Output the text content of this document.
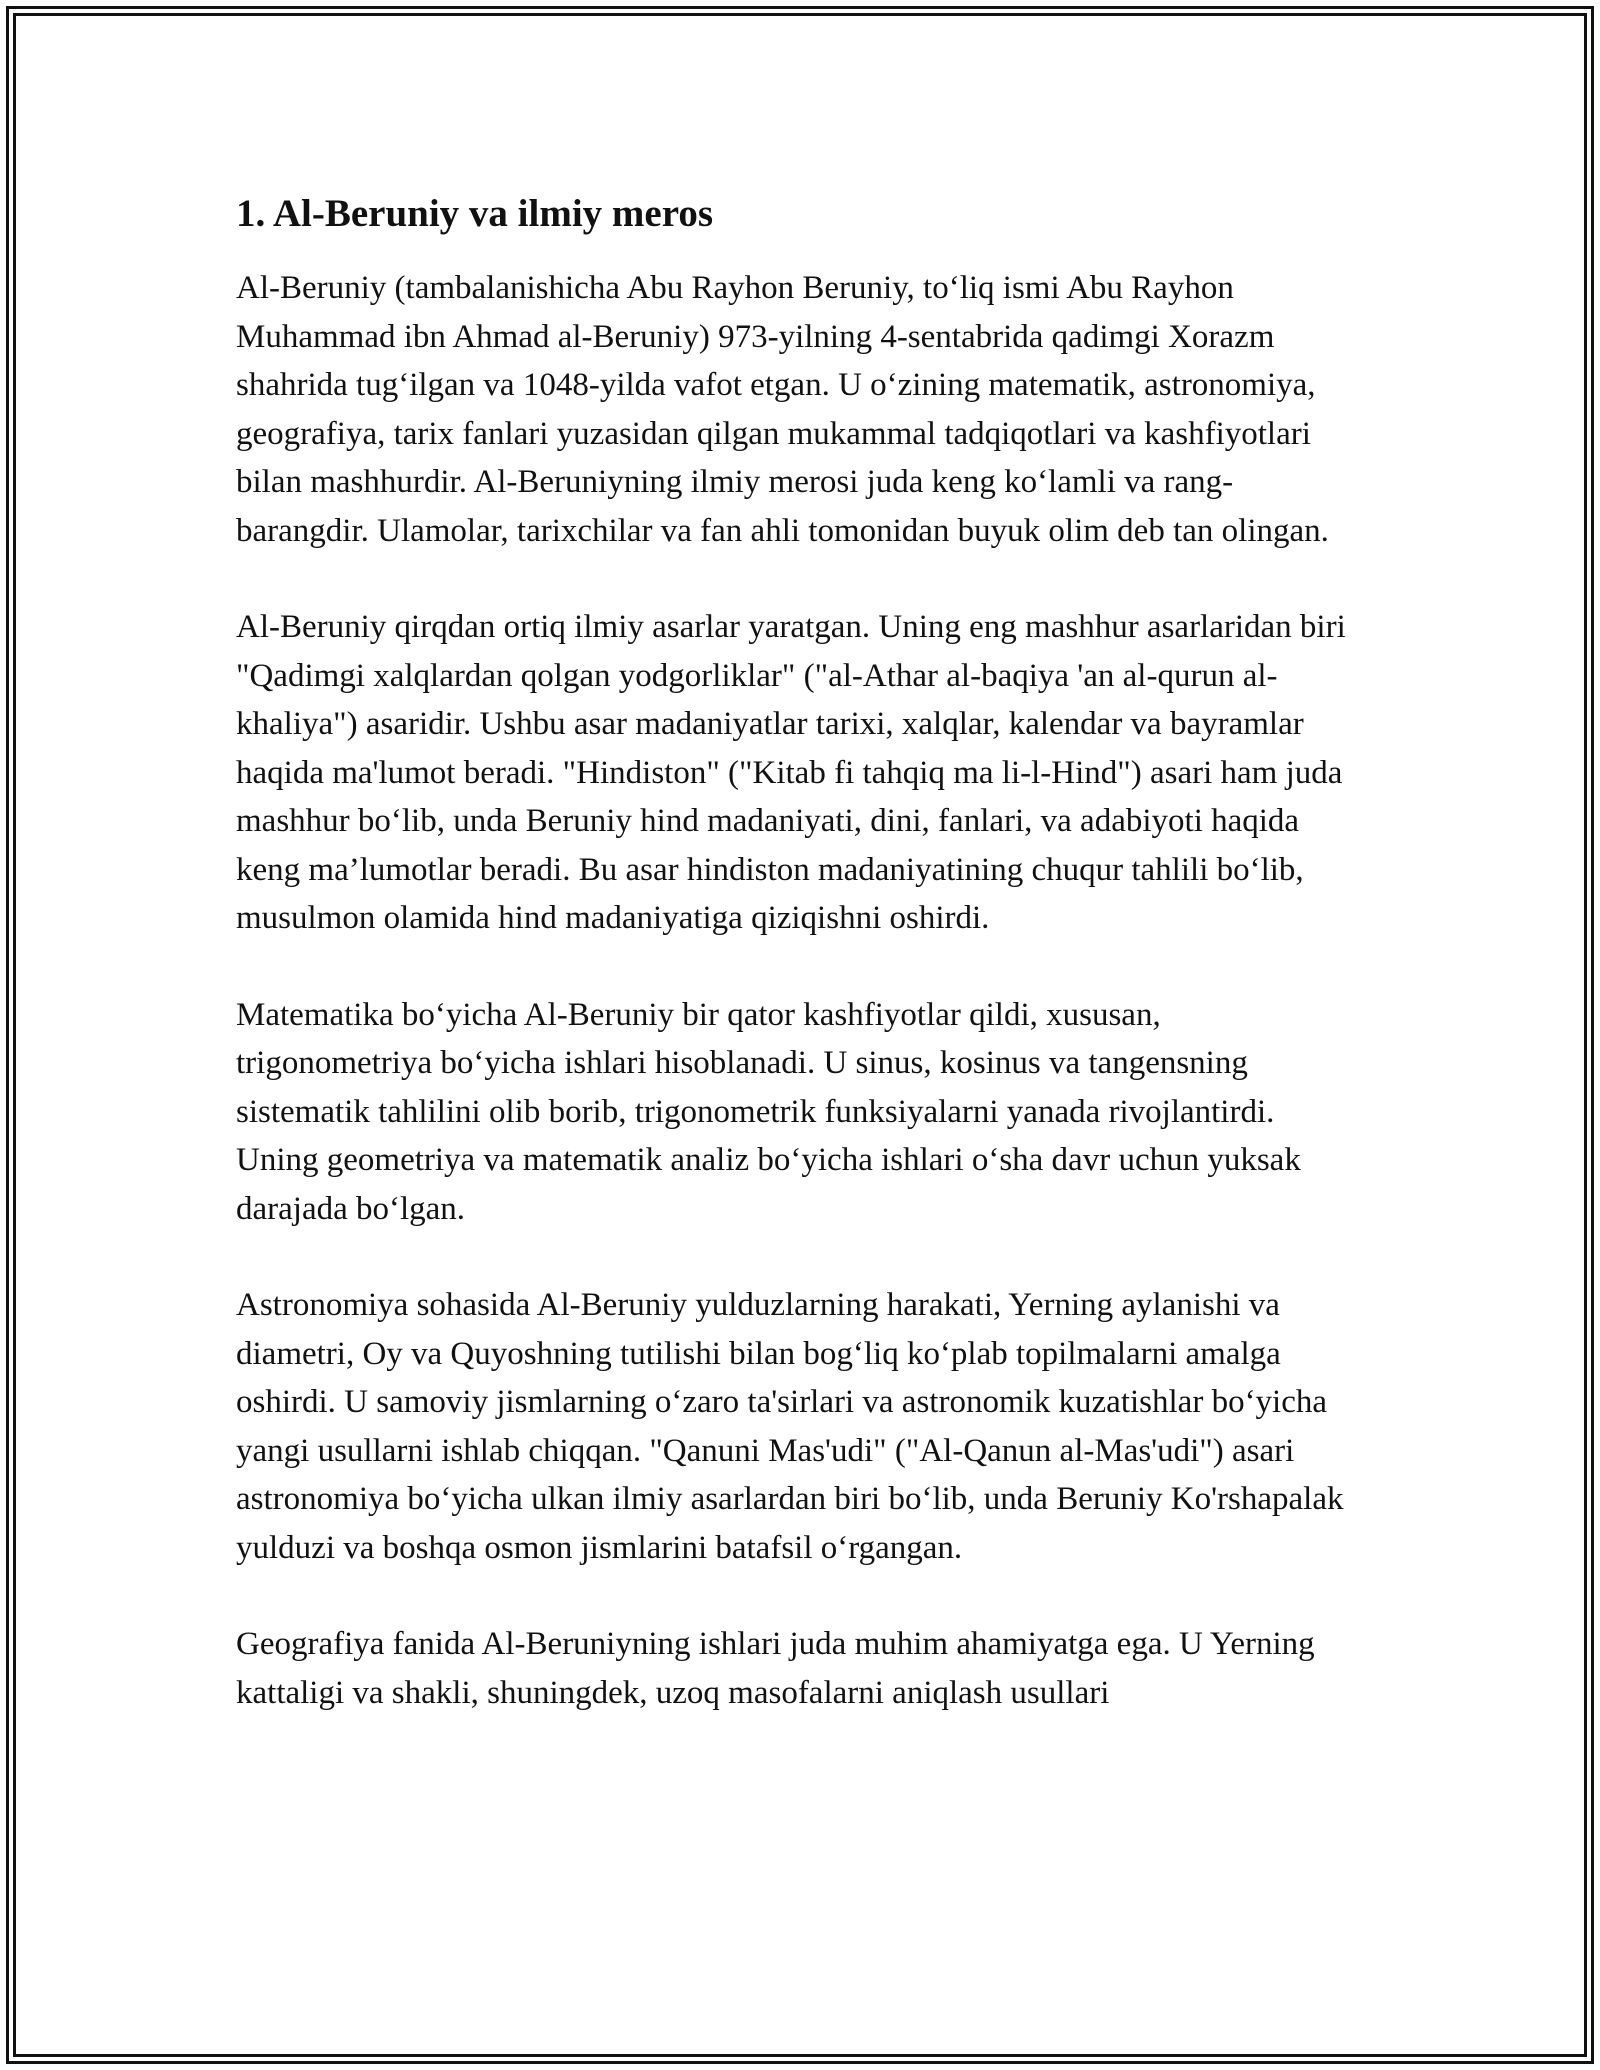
1. Al-Beruniy va ilmiy meros

Al-Beruniy (tambalanishicha Abu Rayhon Beruniy, to‘liq ismi Abu Rayhon Muhammad ibn Ahmad al-Beruniy) 973-yilning 4-sentabrida qadimgi Xorazm shahrida tug‘ilgan va 1048-yilda vafot etgan. U o‘zining matematik, astronomiya, geografiya, tarix fanlari yuzasidan qilgan mukammal tadqiqotlari va kashfiyotlari bilan mashhurdir. Al-Beruniyning ilmiy merosi juda keng ko‘lamli va rang-barangdir. Ulamolar, tarixchilar va fan ahli tomonidan buyuk olim deb tan olingan.

Al-Beruniy qirqdan ortiq ilmiy asarlar yaratgan. Uning eng mashhur asarlaridan biri "Qadimgi xalqlardan qolgan yodgorliklar" ("al-Athar al-baqiya 'an al-qurun al-khaliya") asaridir. Ushbu asar madaniyatlar tarixi, xalqlar, kalendar va bayramlar haqida ma'lumot beradi. "Hindiston" ("Kitab fi tahqiq ma li-l-Hind") asari ham juda mashhur bo‘lib, unda Beruniy hind madaniyati, dini, fanlari, va adabiyoti haqida keng ma’lumotlar beradi. Bu asar hindiston madaniyatining chuqur tahlili bo‘lib, musulmon olamida hind madaniyatiga qiziqishni oshirdi.

Matematika bo‘yicha Al-Beruniy bir qator kashfiyotlar qildi, xususan, trigonometriya bo‘yicha ishlari hisoblanadi. U sinus, kosinus va tangensning sistematik tahlilini olib borib, trigonometrik funksiyalarni yanada rivojlantirdi. Uning geometriya va matematik analiz bo‘yicha ishlari o‘sha davr uchun yuksak darajada bo‘lgan.

Astronomiya sohasida Al-Beruniy yulduzlarning harakati, Yerning aylanishi va diametri, Oy va Quyoshning tutilishi bilan bog‘liq ko‘plab topilmalarni amalga oshirdi. U samoviy jismlarning o‘zaro ta'sirlari va astronomik kuzatishlar bo‘yicha yangi usullarni ishlab chiqqan. "Qanuni Mas'udi" ("Al-Qanun al-Mas'udi") asari astronomiya bo‘yicha ulkan ilmiy asarlardan biri bo‘lib, unda Beruniy Ko'rshapalak yulduzi va boshqa osmon jismlarini batafsil o‘rgangan.

Geografiya fanida Al-Beruniyning ishlari juda muhim ahamiyatga ega. U Yerning kattaligi va shakli, shuningdek, uzoq masofalarni aniqlash usullari
